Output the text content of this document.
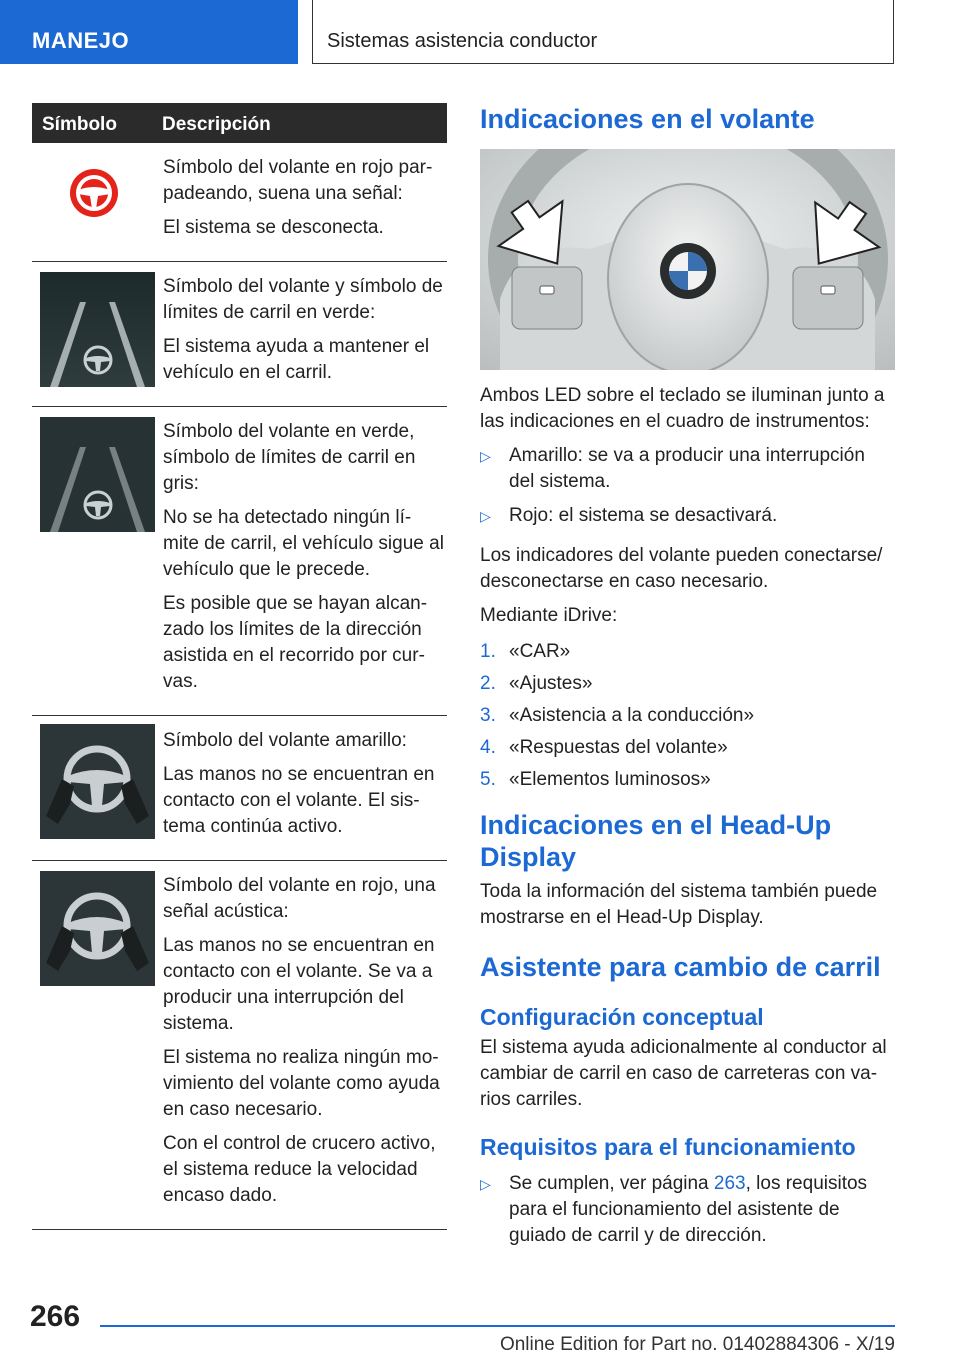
MANEJO	Sistemas asistencia conductor
Símbolo Descripción

Símbolo del volante en rojo par-padeando, suena una señal:

El sistema se desconecta.

Símbolo del volante y símbolo de límites de carril en verde:

El sistema ayuda a mantener el vehículo en el carril.

Símbolo del volante en verde, símbolo de límites de carril en gris:

No se ha detectado ningún lí-mite de carril, el vehículo sigue al vehículo que le precede.

Es posible que se hayan alcan-zado los límites de la dirección asistida en el recorrido por cur-vas.

Símbolo del volante amarillo:

Las manos no se encuentran en contacto con el volante. El sis-tema continúa activo.

Símbolo del volante en rojo, una señal acústica:

Las manos no se encuentran en contacto con el volante. Se va a producir una interrupción del sistema.

El sistema no realiza ningún mo-vimiento del volante como ayuda en caso necesario.

Con el control de crucero activo, el sistema reduce la velocidad encaso dado.

Indicaciones en el volante

Ambos LED sobre el teclado se iluminan junto a las indicaciones en el cuadro de instrumentos:

▷ Amarillo: se va a producir una interrupción del sistema.
▷ Rojo: el sistema se desactivará.

Los indicadores del volante pueden conectarse/ desconectarse en caso necesario.

Mediante iDrive:

1. «CAR»
2. «Ajustes»
3. «Asistencia a la conducción»
4. «Respuestas del volante»
5. «Elementos luminosos»
Indicaciones en el Head-Up Display

Toda la información del sistema también puede mostrarse en el Head-Up Display.

Asistente para cambio de carril
Configuración conceptual

El sistema ayuda adicionalmente al conductor al cambiar de carril en caso de carreteras con va-rios carriles.

Requisitos para el funcionamiento
▷ Se cumplen, ver página 263, los requisitos para el funcionamiento del asistente de guiado de carril y de dirección.
266
Online Edition for Part no. 01402884306 - X/19
